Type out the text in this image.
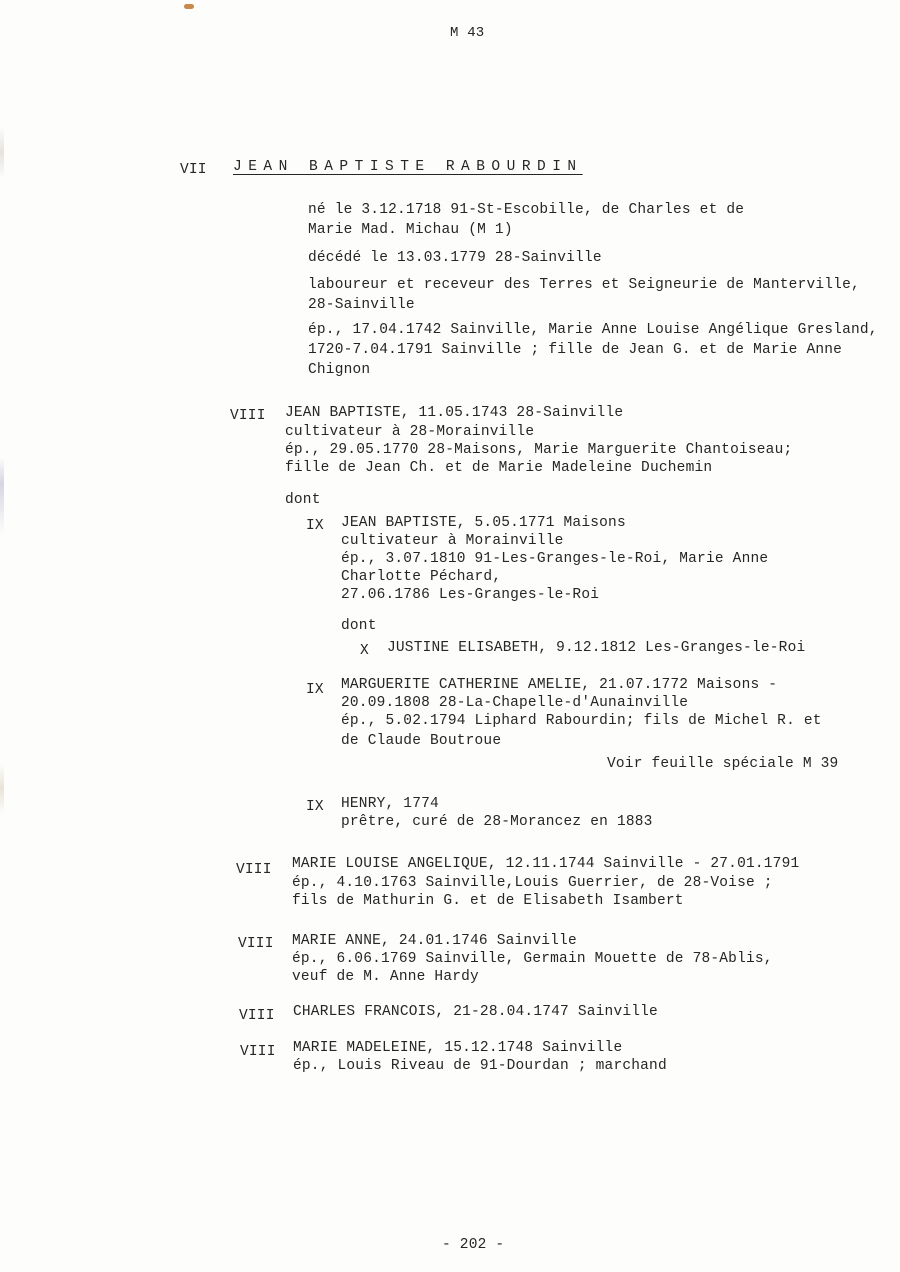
M 43
VII JEAN BAPTISTE RABOURDIN
né le 3.12.1718 91-St-Escobille, de Charles et de
Marie Mad. Michau (M 1)
décédé le 13.03.1779 28-Sainville
laboureur et receveur des Terres et Seigneurie de Manterville,
28-Sainville
ép., 17.04.1742 Sainville, Marie Anne Louise Angélique Gresland,
1720-7.04.1791 Sainville ; fille de Jean G. et de Marie Anne
Chignon
VIII JEAN BAPTISTE, 11.05.1743 28-Sainville
cultivateur à 28-Morainville
ép., 29.05.1770 28-Maisons, Marie Marguerite Chantoiseau;
fille de Jean Ch. et de Marie Madeleine Duchemin
dont
IX JEAN BAPTISTE, 5.05.1771 Maisons
cultivateur à Morainville
ép., 3.07.1810 91-Les-Granges-le-Roi, Marie Anne
Charlotte Péchard,
27.06.1786 Les-Granges-le-Roi
dont
X JUSTINE ELISABETH, 9.12.1812 Les-Granges-le-Roi
IX MARGUERITE CATHERINE AMELIE, 21.07.1772 Maisons -
20.09.1808 28-La-Chapelle-d'Aunainville
ép., 5.02.1794 Liphard Rabourdin; fils de Michel R. et
de Claude Boutroue
Voir feuille spéciale M 39
IX HENRY, 1774
prêtre, curé de 28-Morancez en 1883
VIII MARIE LOUISE ANGELIQUE, 12.11.1744 Sainville - 27.01.1791
ép., 4.10.1763 Sainville,Louis Guerrier, de 28-Voise ;
fils de Mathurin G. et de Elisabeth Isambert
VIII MARIE ANNE, 24.01.1746 Sainville
ép., 6.06.1769 Sainville, Germain Mouette de 78-Ablis,
veuf de M. Anne Hardy
VIII CHARLES FRANCOIS, 21-28.04.1747 Sainville
VIII MARIE MADELEINE, 15.12.1748 Sainville
ép., Louis Riveau de 91-Dourdan ; marchand
- 202 -
